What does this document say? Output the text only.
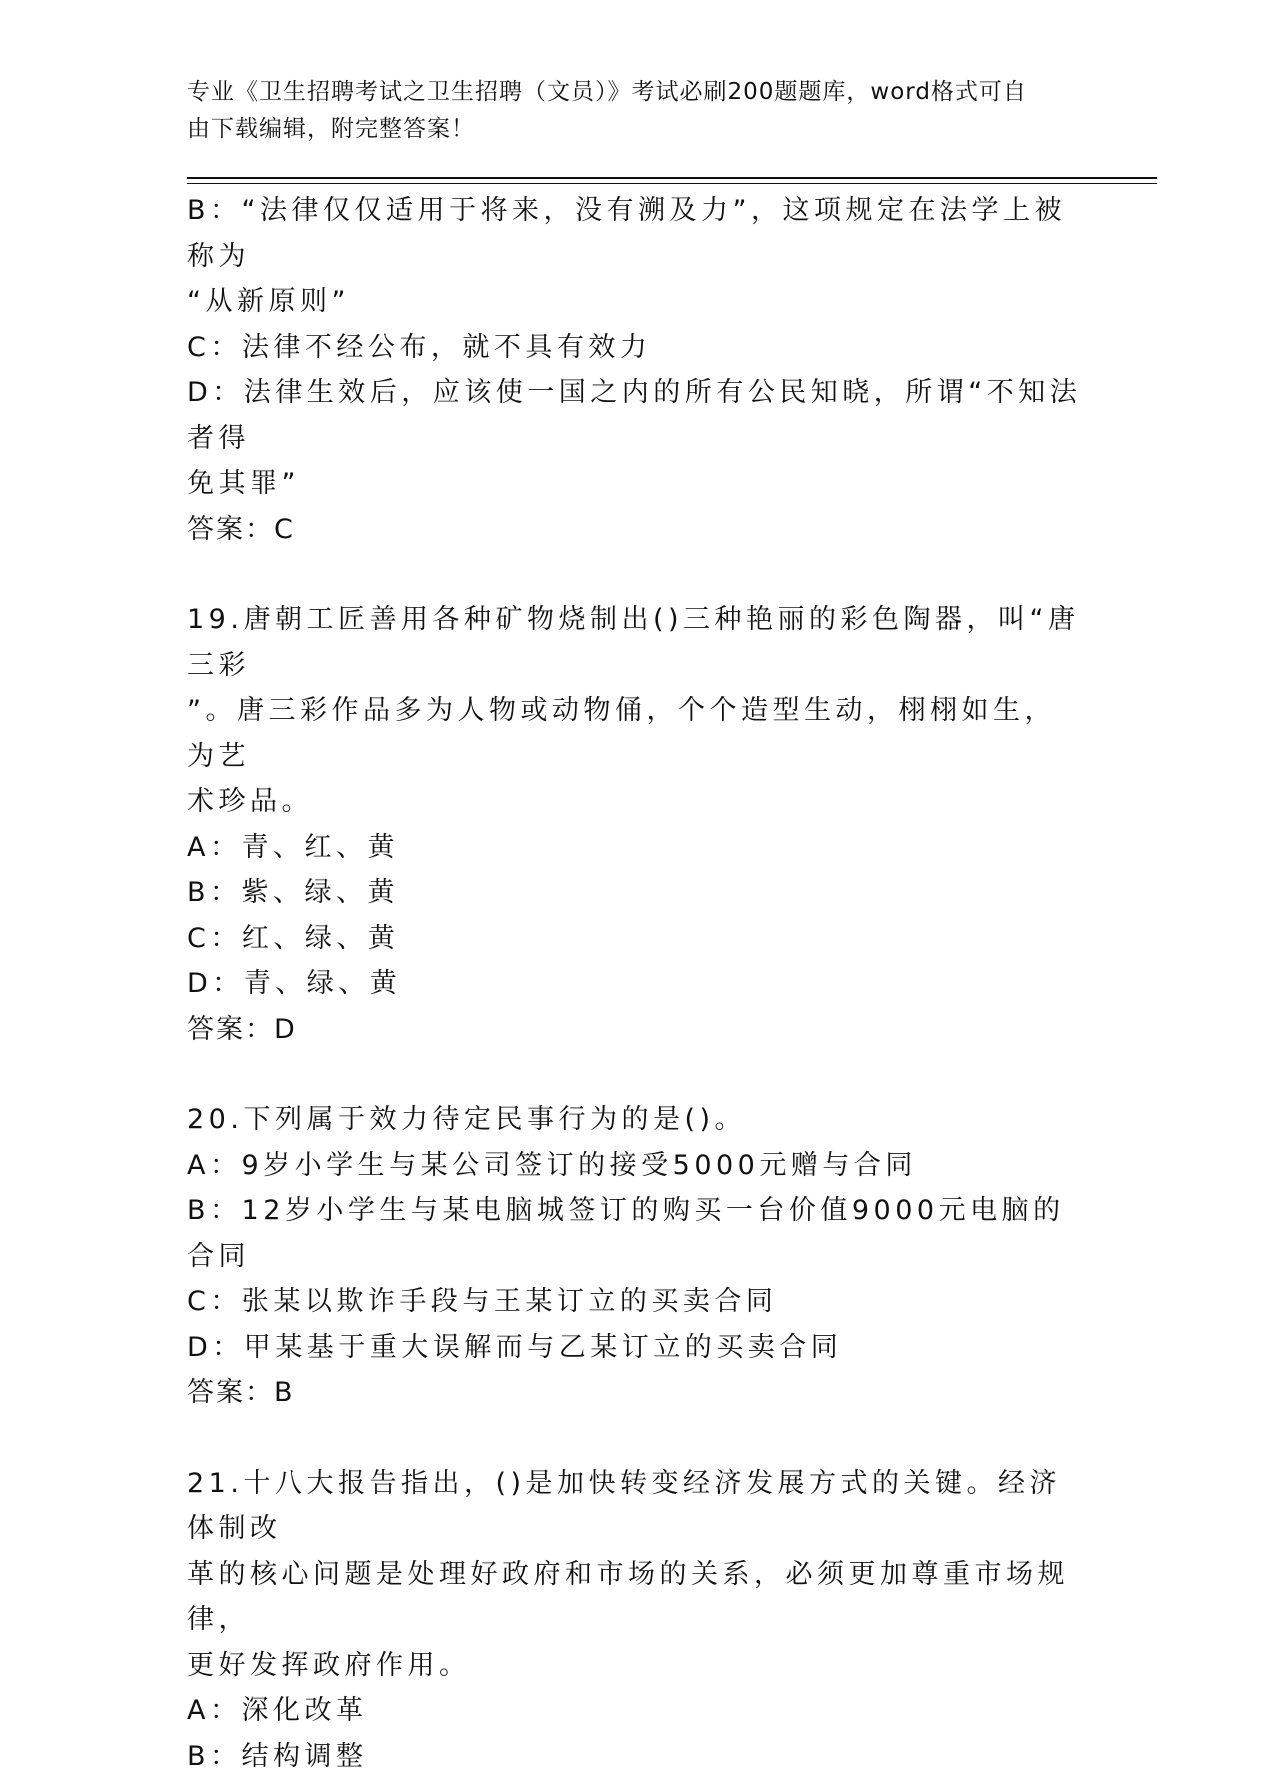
专业《卫生招聘考试之卫生招聘（文员）》考试必刷200题题库，word格式可自
由下载编辑，附完整答案！

B：“法律仅仅适用于将来，没有溯及力”，这项规定在法学上被称为

“从新原则”

C：法律不经公布，就不具有效力

D：法律生效后，应该使一国之内的所有公民知晓，所谓“不知法者得

免其罪”

答案：C

19.唐朝工匠善用各种矿物烧制出()三种艳丽的彩色陶器，叫“唐三彩

”。唐三彩作品多为人物或动物俑，个个造型生动，栩栩如生，为艺

术珍品。

A：青、红、黄

B：紫、绿、黄

C：红、绿、黄

D：青、绿、黄

答案：D

20.下列属于效力待定民事行为的是()。

A：9岁小学生与某公司签订的接受5000元赠与合同

B：12岁小学生与某电脑城签订的购买一台价值9000元电脑的合同

C：张某以欺诈手段与王某订立的买卖合同

D：甲某基于重大误解而与乙某订立的买卖合同

答案：B

21.十八大报告指出，()是加快转变经济发展方式的关键。经济体制改

革的核心问题是处理好政府和市场的关系，必须更加尊重市场规律，

更好发挥政府作用。

A：深化改革

B：结构调整
